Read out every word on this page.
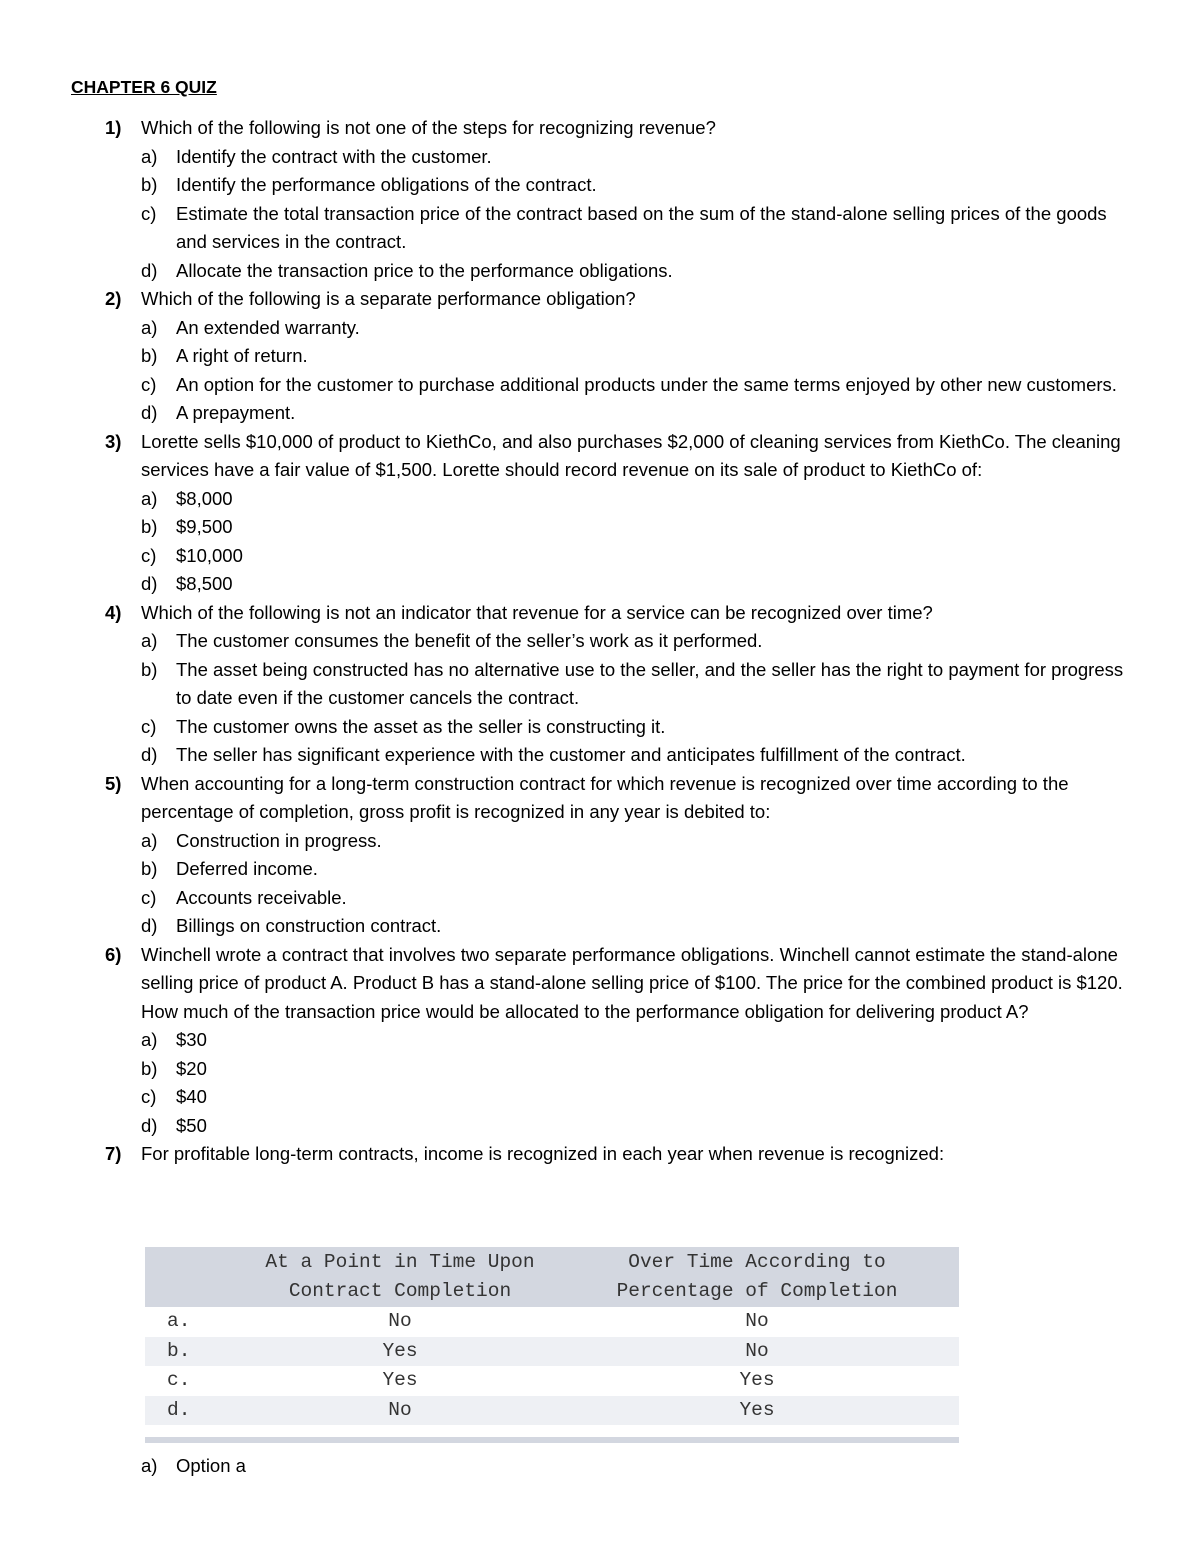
CHAPTER 6 QUIZ
1)	Which of the following is not one of the steps for recognizing revenue?
a)	Identify the contract with the customer.
b)	Identify the performance obligations of the contract.
c)	Estimate the total transaction price of the contract based on the sum of the stand-alone selling prices of the goods and services in the contract.
d)	Allocate the transaction price to the performance obligations.
2)	Which of the following is a separate performance obligation?
a)	An extended warranty.
b)	A right of return.
c)	An option for the customer to purchase additional products under the same terms enjoyed by other new customers.
d)	A prepayment.
3)	Lorette sells $10,000 of product to KiethCo, and also purchases $2,000 of cleaning services from KiethCo. The cleaning services have a fair value of $1,500. Lorette should record revenue on its sale of product to KiethCo of:
a)	$8,000
b)	$9,500
c)	$10,000
d)	$8,500
4)	Which of the following is not an indicator that revenue for a service can be recognized over time?
a)	The customer consumes the benefit of the seller’s work as it performed.
b)	The asset being constructed has no alternative use to the seller, and the seller has the right to payment for progress to date even if the customer cancels the contract.
c)	The customer owns the asset as the seller is constructing it.
d)	The seller has significant experience with the customer and anticipates fulfillment of the contract.
5)	When accounting for a long-term construction contract for which revenue is recognized over time according to the percentage of completion, gross profit is recognized in any year is debited to:
a)	Construction in progress.
b)	Deferred income.
c)	Accounts receivable.
d)	Billings on construction contract.
6)	Winchell wrote a contract that involves two separate performance obligations. Winchell cannot estimate the stand-alone selling price of product A. Product B has a stand-alone selling price of $100. The price for the combined product is $120. How much of the transaction price would be allocated to the performance obligation for delivering product A?
a)	$30
b)	$20
c)	$40
d)	$50
7)	For profitable long-term contracts, income is recognized in each year when revenue is recognized:
	At a Point in Time Upon Contract Completion	Over Time According to Percentage of Completion
a.	No	No
b.	Yes	No
c.	Yes	Yes
d.	No	Yes
a)	Option a
